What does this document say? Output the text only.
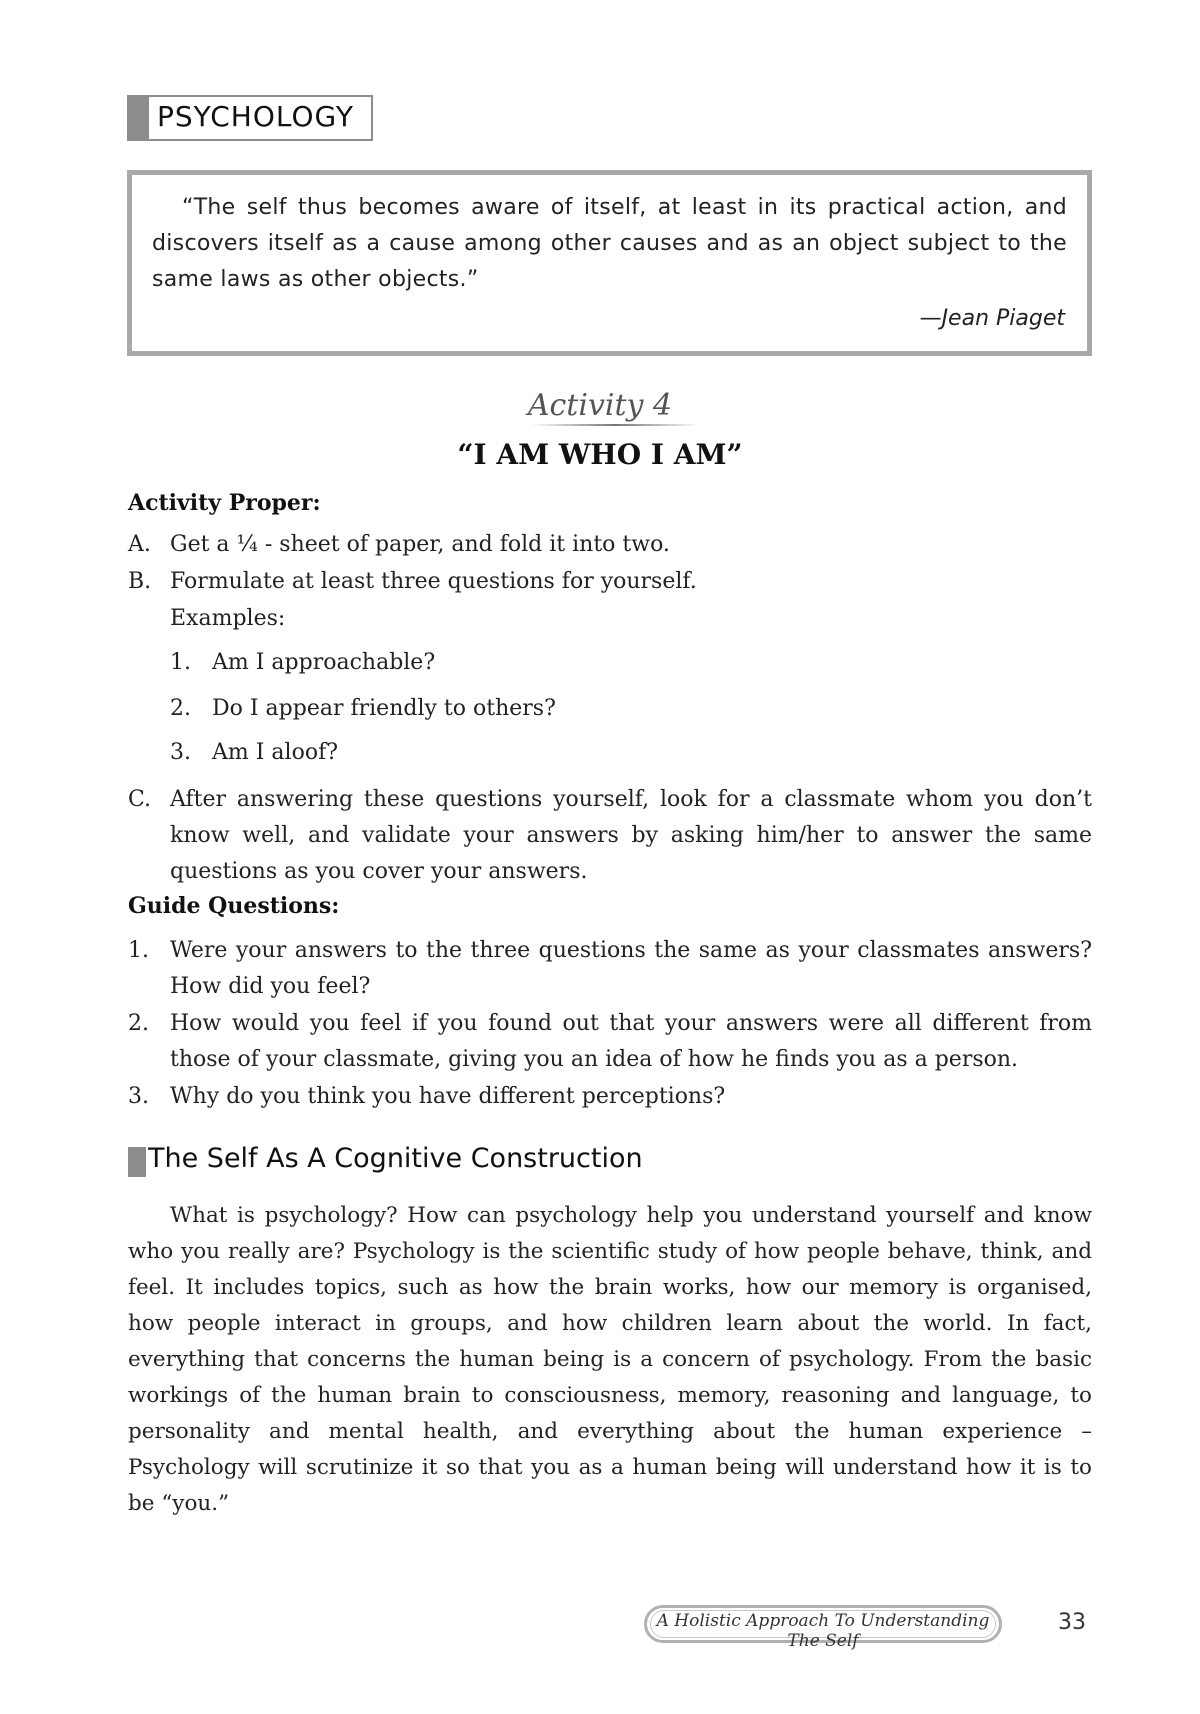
PSYCHOLOGY
“The self thus becomes aware of itself, at least in its practical action, and discovers itself as a cause among other causes and as an object subject to the same laws as other objects.”
—Jean Piaget
Activity 4
“I AM WHO I AM”
Activity Proper:
A. Get a ¼ - sheet of paper, and fold it into two.
B. Formulate at least three questions for yourself.
Examples:
1. Am I approachable?
2. Do I appear friendly to others?
3. Am I aloof?
C. After answering these questions yourself, look for a classmate whom you don’t know well, and validate your answers by asking him/her to answer the same questions as you cover your answers.
Guide Questions:
1. Were your answers to the three questions the same as your classmates answers? How did you feel?
2. How would you feel if you found out that your answers were all different from those of your classmate, giving you an idea of how he finds you as a person.
3. Why do you think you have different perceptions?
The Self As A Cognitive Construction
What is psychology? How can psychology help you understand yourself and know who you really are? Psychology is the scientific study of how people behave, think, and feel. It includes topics, such as how the brain works, how our memory is organised, how people interact in groups, and how children learn about the world. In fact, everything that concerns the human being is a concern of psychology. From the basic workings of the human brain to consciousness, memory, reasoning and language, to personality and mental health, and everything about the human experience – Psychology will scrutinize it so that you as a human being will understand how it is to be “you.”
A Holistic Approach To Understanding The Self
33
